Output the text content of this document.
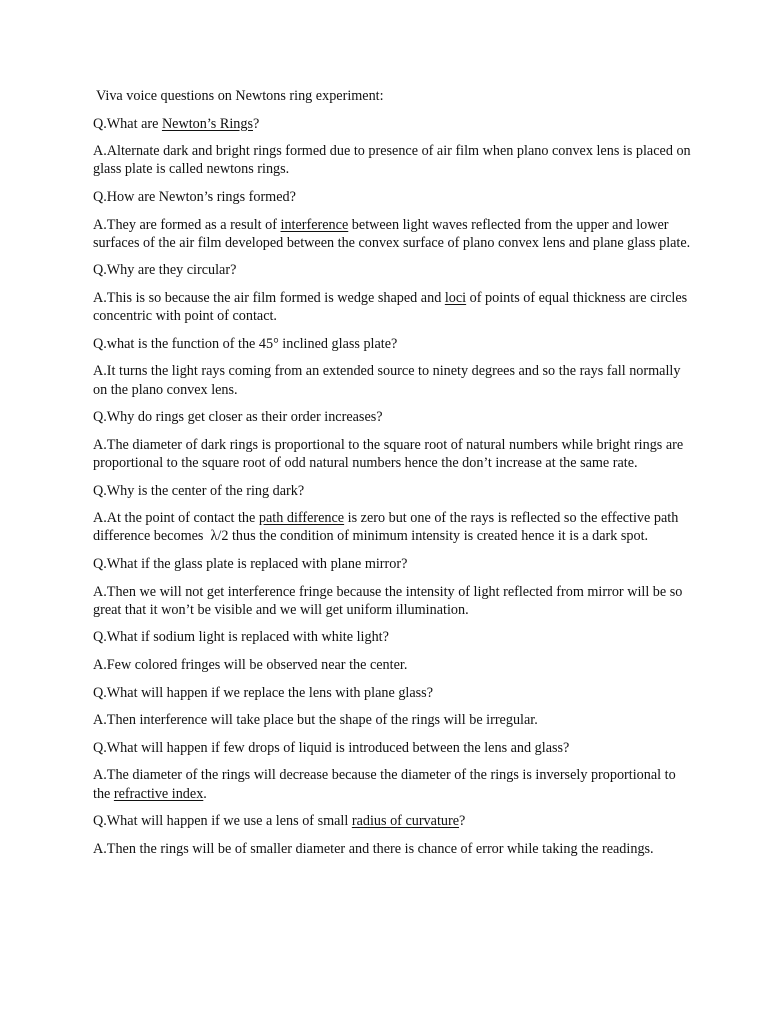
Viva voice questions on Newtons ring experiment:

Q.What are Newton’s Rings?

A.Alternate dark and bright rings formed due to presence of air film when plano convex lens is placed on glass plate is called newtons rings.

Q.How are Newton’s rings formed?

A.They are formed as a result of interference between light waves reflected from the upper and lower surfaces of the air film developed between the convex surface of plano convex lens and plane glass plate.

Q.Why are they circular?

A.This is so because the air film formed is wedge shaped and loci of points of equal thickness are circles concentric with point of contact.

Q.what is the function of the 45° inclined glass plate?

A.It turns the light rays coming from an extended source to ninety degrees and so the rays fall normally on the plano convex lens.

Q.Why do rings get closer as their order increases?

A.The diameter of dark rings is proportional to the square root of natural numbers while bright rings are proportional to the square root of odd natural numbers hence the don’t increase at the same rate.

Q.Why is the center of the ring dark?

A.At the point of contact the path difference is zero but one of the rays is reflected so the effective path difference becomes  λ/2 thus the condition of minimum intensity is created hence it is a dark spot.

Q.What if the glass plate is replaced with plane mirror?

A.Then we will not get interference fringe because the intensity of light reflected from mirror will be so great that it won’t be visible and we will get uniform illumination.

Q.What if sodium light is replaced with white light?

A.Few colored fringes will be observed near the center.

Q.What will happen if we replace the lens with plane glass?

A.Then interference will take place but the shape of the rings will be irregular.

Q.What will happen if few drops of liquid is introduced between the lens and glass?

A.The diameter of the rings will decrease because the diameter of the rings is inversely proportional to the refractive index.

Q.What will happen if we use a lens of small radius of curvature?

A.Then the rings will be of smaller diameter and there is chance of error while taking the readings.
